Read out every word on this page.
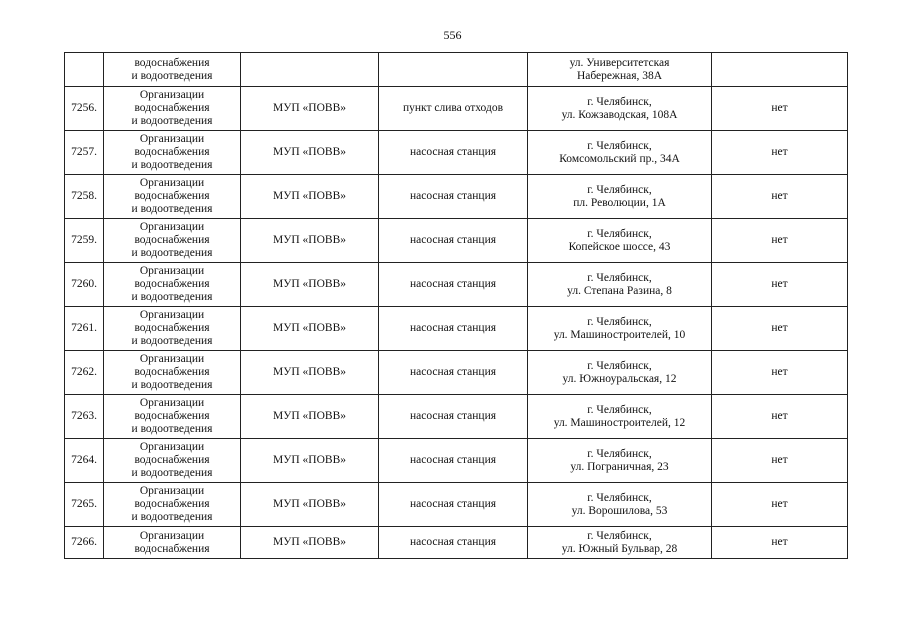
556

	водоснабжения
и водоотведения			ул. Университетская
Набережная, 38А	

7256.	Организации
водоснабжения
и водоотведения	МУП «ПОВВ»	пункт слива отходов	г. Челябинск,
ул. Кожзаводская, 108А	нет
7257.	Организации
водоснабжения
и водоотведения	МУП «ПОВВ»	насосная станция	г. Челябинск,
Комсомольский пр., 34А	нет
7258.	Организации
водоснабжения
и водоотведения	МУП «ПОВВ»	насосная станция	г. Челябинск,
пл. Революции, 1А	нет
7259.	Организации
водоснабжения
и водоотведения	МУП «ПОВВ»	насосная станция	г. Челябинск,
Копейское шоссе, 43	нет
7260.	Организации
водоснабжения
и водоотведения	МУП «ПОВВ»	насосная станция	г. Челябинск,
ул. Степана Разина, 8	нет
7261.	Организации
водоснабжения
и водоотведения	МУП «ПОВВ»	насосная станция	г. Челябинск,
ул. Машиностроителей, 10	нет
7262.	Организации
водоснабжения
и водоотведения	МУП «ПОВВ»	насосная станция	г. Челябинск,
ул. Южноуральская, 12	нет
7263.	Организации
водоснабжения
и водоотведения	МУП «ПОВВ»	насосная станция	г. Челябинск,
ул. Машиностроителей, 12	нет
7264.	Организации
водоснабжения
и водоотведения	МУП «ПОВВ»	насосная станция	г. Челябинск,
ул. Пограничная, 23	нет
7265.	Организации
водоснабжения
и водоотведения	МУП «ПОВВ»	насосная станция	г. Челябинск,
ул. Ворошилова, 53	нет
7266.	Организации
водоснабжения	МУП «ПОВВ»	насосная станция	г. Челябинск,
ул. Южный Бульвар, 28	нет
